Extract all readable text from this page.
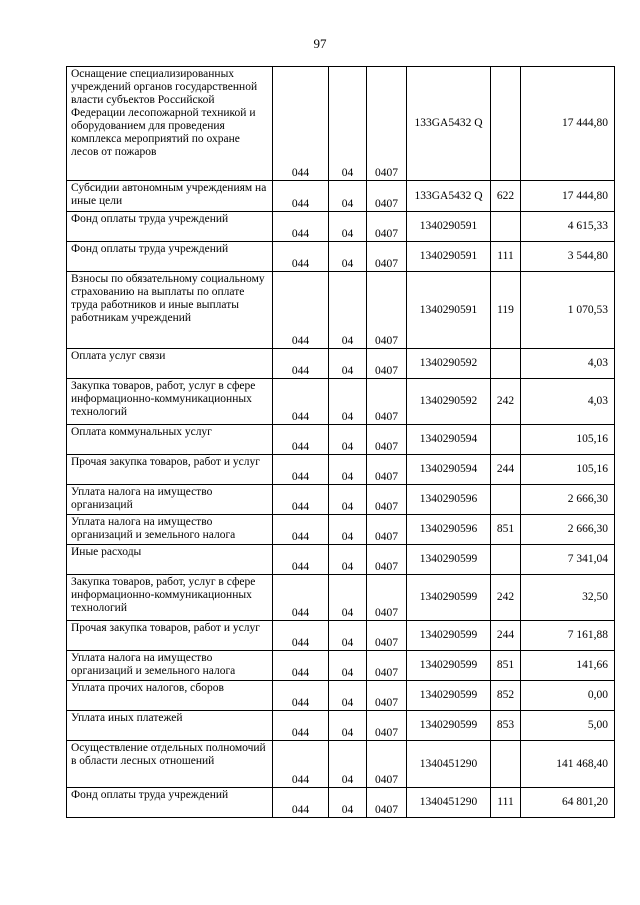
97
Оснащение специализированных учреждений органов государственной власти субъектов Российской Федерации лесопожарной техникой и оборудованием для проведения комплекса мероприятий по охране лесов от пожаров	044	04	0407	133GA5432 Q		17 444,80
Субсидии автономным учреждениям на иные цели	044	04	0407	133GA5432 Q	622	17 444,80
Фонд оплаты труда учреждений	044	04	0407	1340290591		4 615,33
Фонд оплаты труда учреждений	044	04	0407	1340290591	111	3 544,80
Взносы по обязательному социальному страхованию на выплаты по оплате труда работников и иные выплаты работникам учреждений	044	04	0407	1340290591	119	1 070,53
Оплата услуг связи	044	04	0407	1340290592		4,03
Закупка товаров, работ, услуг в сфере информационно-коммуникационных технологий	044	04	0407	1340290592	242	4,03
Оплата коммунальных услуг	044	04	0407	1340290594		105,16
Прочая закупка товаров, работ и услуг	044	04	0407	1340290594	244	105,16
Уплата налога на имущество организаций	044	04	0407	1340290596		2 666,30
Уплата налога на имущество организаций и земельного налога	044	04	0407	1340290596	851	2 666,30
Иные расходы	044	04	0407	1340290599		7 341,04
Закупка товаров, работ, услуг в сфере информационно-коммуникационных технологий	044	04	0407	1340290599	242	32,50
Прочая закупка товаров, работ и услуг	044	04	0407	1340290599	244	7 161,88
Уплата налога на имущество организаций и земельного налога	044	04	0407	1340290599	851	141,66
Уплата прочих налогов, сборов	044	04	0407	1340290599	852	0,00
Уплата иных платежей	044	04	0407	1340290599	853	5,00
Осуществление отдельных полномочий в области лесных отношений	044	04	0407	1340451290		141 468,40
Фонд оплаты труда учреждений	044	04	0407	1340451290	111	64 801,20
